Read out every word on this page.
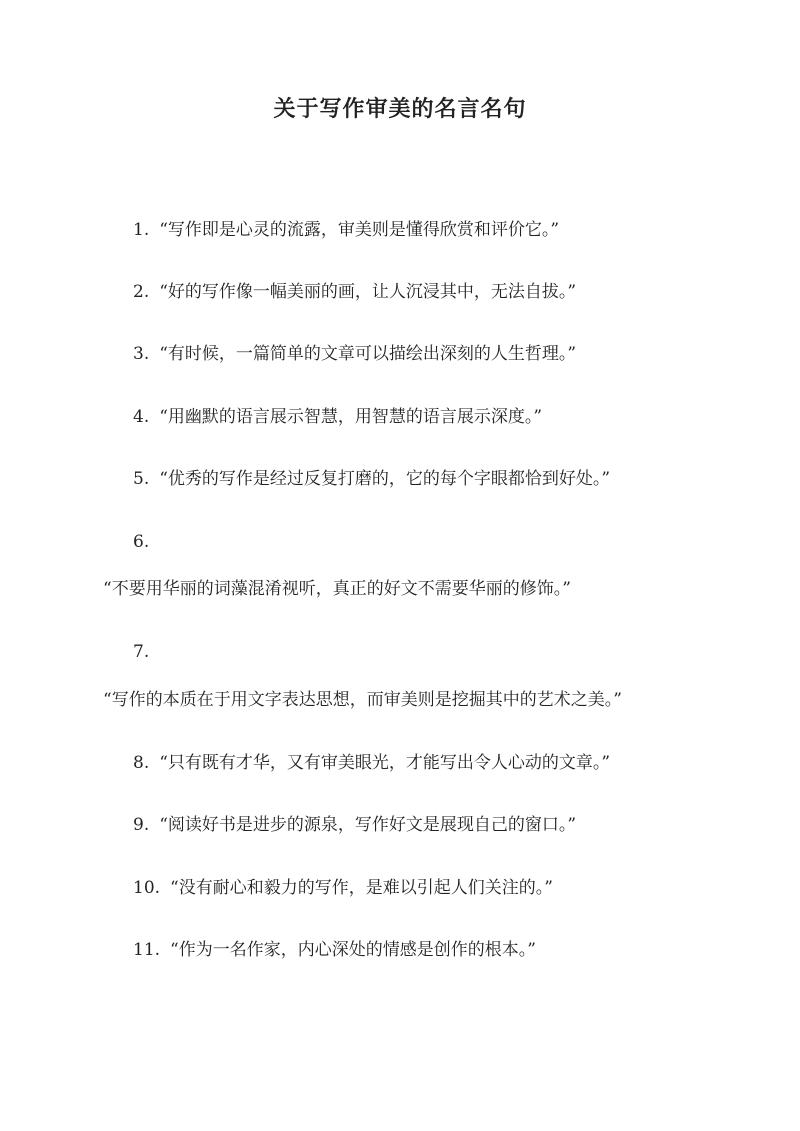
关于写作审美的名言名句
1. “写作即是心灵的流露，审美则是懂得欣赏和评价它。”
2. “好的写作像一幅美丽的画，让人沉浸其中，无法自拔。”
3. “有时候，一篇简单的文章可以描绘出深刻的人生哲理。”
4. “用幽默的语言展示智慧，用智慧的语言展示深度。”
5. “优秀的写作是经过反复打磨的，它的每个字眼都恰到好处。”
6.
“不要用华丽的词藻混淆视听，真正的好文不需要华丽的修饰。”
7.
“写作的本质在于用文字表达思想，而审美则是挖掘其中的艺术之美。”
8. “只有既有才华，又有审美眼光，才能写出令人心动的文章。”
9. “阅读好书是进步的源泉，写作好文是展现自己的窗口。”
10. “没有耐心和毅力的写作，是难以引起人们关注的。”
11. “作为一名作家，内心深处的情感是创作的根本。”
